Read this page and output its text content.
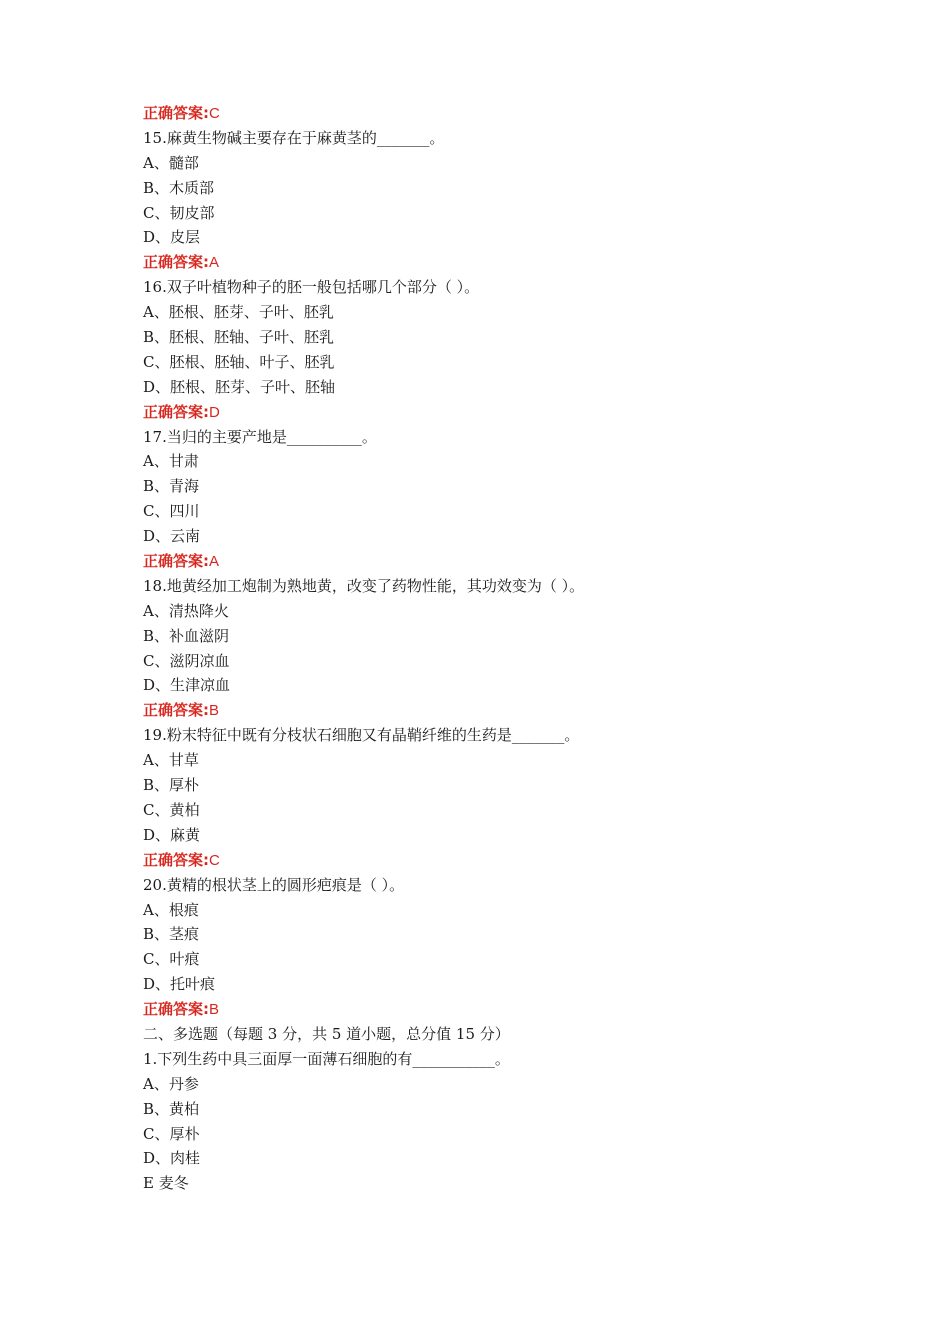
正确答案:C
15.麻黄生物碱主要存在于麻黄茎的_______。
A、髓部
B、木质部
C、韧皮部
D、皮层
正确答案:A
16.双子叶植物种子的胚一般包括哪几个部分（ ）。
A、胚根、胚芽、子叶、胚乳
B、胚根、胚轴、子叶、胚乳
C、胚根、胚轴、叶子、胚乳
D、胚根、胚芽、子叶、胚轴
正确答案:D
17.当归的主要产地是__________。
A、甘肃
B、青海
C、四川
D、云南
正确答案:A
18.地黄经加工炮制为熟地黄，改变了药物性能，其功效变为（ ）。
A、清热降火
B、补血滋阴
C、滋阴凉血
D、生津凉血
正确答案:B
19.粉末特征中既有分枝状石细胞又有晶鞘纤维的生药是_______。
A、甘草
B、厚朴
C、黄柏
D、麻黄
正确答案:C
20.黄精的根状茎上的圆形疤痕是（ ）。
A、根痕
B、茎痕
C、叶痕
D、托叶痕
正确答案:B
二、多选题（每题 3 分，共 5 道小题，总分值 15 分）
1.下列生药中具三面厚一面薄石细胞的有___________。
A、丹参
B、黄柏
C、厚朴
D、肉桂
E 麦冬
